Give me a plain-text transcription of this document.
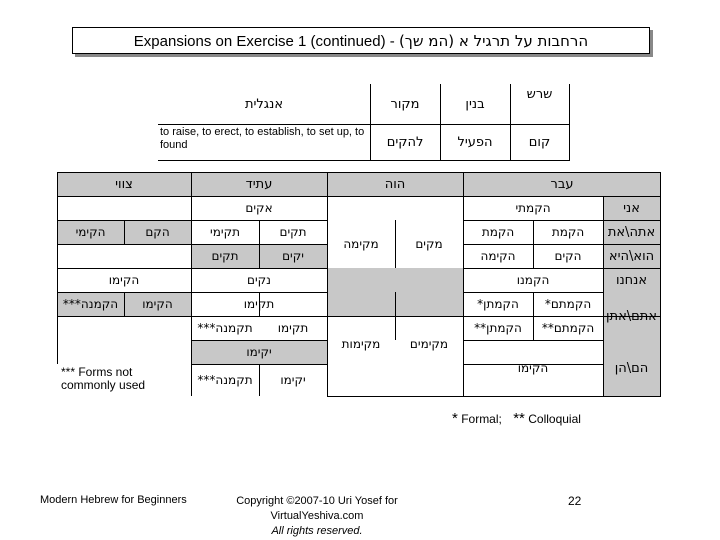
Expansions on Exercise 1 (continued) - הרחבות על תרגיל א (המ שך)
שרש
בנין
מקור
אנגלית
קום
הפעיל
להקים
to raise, to erect, to establish, to set up, to found
עבר
הוה
עתיד
צווי
אני
אתה\את
הוא\היא
אנחנו
אתם\אתן
הם\הן
הקמתי
הקמת
הקמת
הקים
הקימה
הקמנו
הקמתם*
הקמתן*
הקמתם**
הקמתן**
הקימו
מקים
מקימה
מקימים
מקימות
אקים
תקים
תקימי
יקים
תקים
נקים
תקימו
תקימו
תקמנה***
יקימו
יקימו
תקמנה***
הקם
הקימי
הקימו
הקימו
הקמנה***
*** Forms not commonly used
* Formal; ** Colloquial
Modern Hebrew for Beginners	Copyright ©2007-10 Uri Yosef for VirtualYeshiva.com
All rights reserved.
22
